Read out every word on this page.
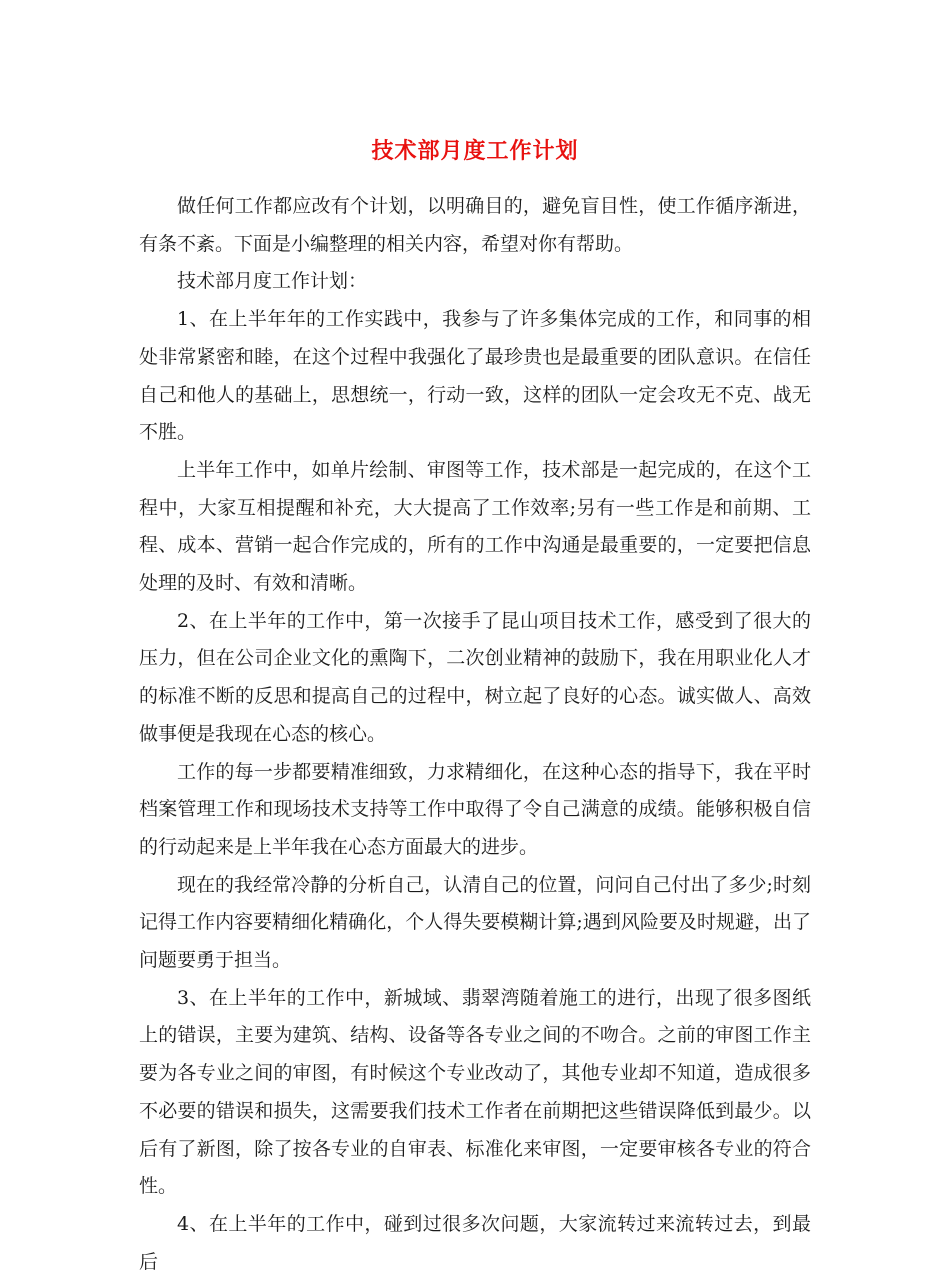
技术部月度工作计划

做任何工作都应改有个计划，以明确目的，避免盲目性，使工作循序渐进，有条不紊。下面是小编整理的相关内容，希望对你有帮助。

技术部月度工作计划：

1、在上半年年的工作实践中，我参与了许多集体完成的工作，和同事的相处非常紧密和睦，在这个过程中我强化了最珍贵也是最重要的团队意识。在信任自己和他人的基础上，思想统一，行动一致，这样的团队一定会攻无不克、战无不胜。

上半年工作中，如单片绘制、审图等工作，技术部是一起完成的，在这个工程中，大家互相提醒和补充，大大提高了工作效率;另有一些工作是和前期、工程、成本、营销一起合作完成的，所有的工作中沟通是最重要的，一定要把信息处理的及时、有效和清晰。

2、在上半年的工作中，第一次接手了昆山项目技术工作，感受到了很大的压力，但在公司企业文化的熏陶下，二次创业精神的鼓励下，我在用职业化人才的标准不断的反思和提高自己的过程中，树立起了良好的心态。诚实做人、高效做事便是我现在心态的核心。

工作的每一步都要精准细致，力求精细化，在这种心态的指导下，我在平时档案管理工作和现场技术支持等工作中取得了令自己满意的成绩。能够积极自信的行动起来是上半年我在心态方面最大的进步。

现在的我经常冷静的分析自己，认清自己的位置，问问自己付出了多少;时刻记得工作内容要精细化精确化，个人得失要模糊计算;遇到风险要及时规避，出了问题要勇于担当。

3、在上半年的工作中，新城域、翡翠湾随着施工的进行，出现了很多图纸上的错误，主要为建筑、结构、设备等各专业之间的不吻合。之前的审图工作主要为各专业之间的审图，有时候这个专业改动了，其他专业却不知道，造成很多不必要的错误和损失，这需要我们技术工作者在前期把这些错误降低到最少。以后有了新图，除了按各专业的自审表、标准化来审图，一定要审核各专业的符合性。

4、在上半年的工作中，碰到过很多次问题，大家流转过来流转过去，到最后
